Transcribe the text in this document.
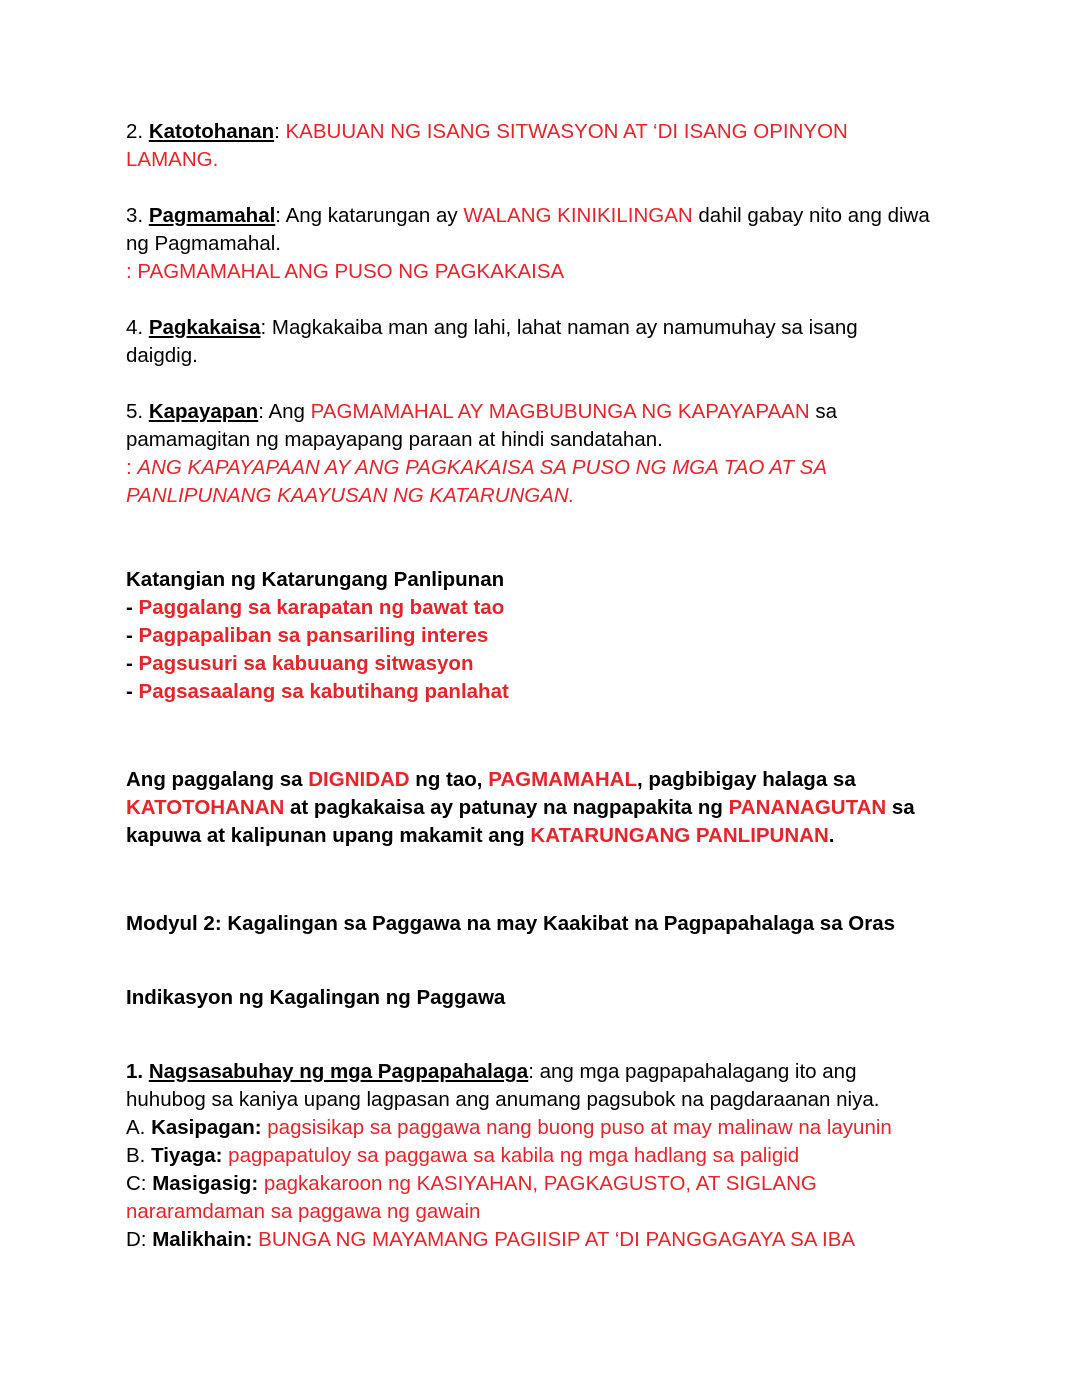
2. Katotohanan: KABUUAN NG ISANG SITWASYON AT ‘DI ISANG OPINYON LAMANG.

3. Pagmamahal: Ang katarungan ay WALANG KINIKILINGAN dahil gabay nito ang diwa ng Pagmamahal.

: PAGMAMAHAL ANG PUSO NG PAGKAKAISA

4. Pagkakaisa: Magkakaiba man ang lahi, lahat naman ay namumuhay sa isang daigdig.

5. Kapayapan: Ang PAGMAMAHAL AY MAGBUBUNGA NG KAPAYAPAAN sa pamamagitan ng mapayapang paraan at hindi sandatahan.

: ANG KAPAYAPAAN AY ANG PAGKAKAISA SA PUSO NG MGA TAO AT SA PANLIPUNANG KAAYUSAN NG KATARUNGAN.

Katangian ng Katarungang Panlipunan

- Paggalang sa karapatan ng bawat tao

- Pagpapaliban sa pansariling interes

- Pagsusuri sa kabuuang sitwasyon

- Pagsasaalang sa kabutihang panlahat

Ang paggalang sa DIGNIDAD ng tao, PAGMAMAHAL, pagbibigay halaga sa KATOTOHANAN at pagkakaisa ay patunay na nagpapakita ng PANANAGUTAN sa kapuwa at kalipunan upang makamit ang KATARUNGANG PANLIPUNAN.

Modyul 2: Kagalingan sa Paggawa na may Kaakibat na Pagpapahalaga sa Oras

Indikasyon ng Kagalingan ng Paggawa

1. Nagsasabuhay ng mga Pagpapahalaga: ang mga pagpapahalagang ito ang huhubog sa kaniya upang lagpasan ang anumang pagsubok na pagdaraanan niya.

A. Kasipagan: pagsisikap sa paggawa nang buong puso at may malinaw na layunin

B. Tiyaga: pagpapatuloy sa paggawa sa kabila ng mga hadlang sa paligid

C: Masigasig: pagkakaroon ng KASIYAHAN, PAGKAGUSTO, AT SIGLANG nararamdaman sa paggawa ng gawain

D: Malikhain: BUNGA NG MAYAMANG PAGIISIP AT ‘DI PANGGAGAYA SA IBA
